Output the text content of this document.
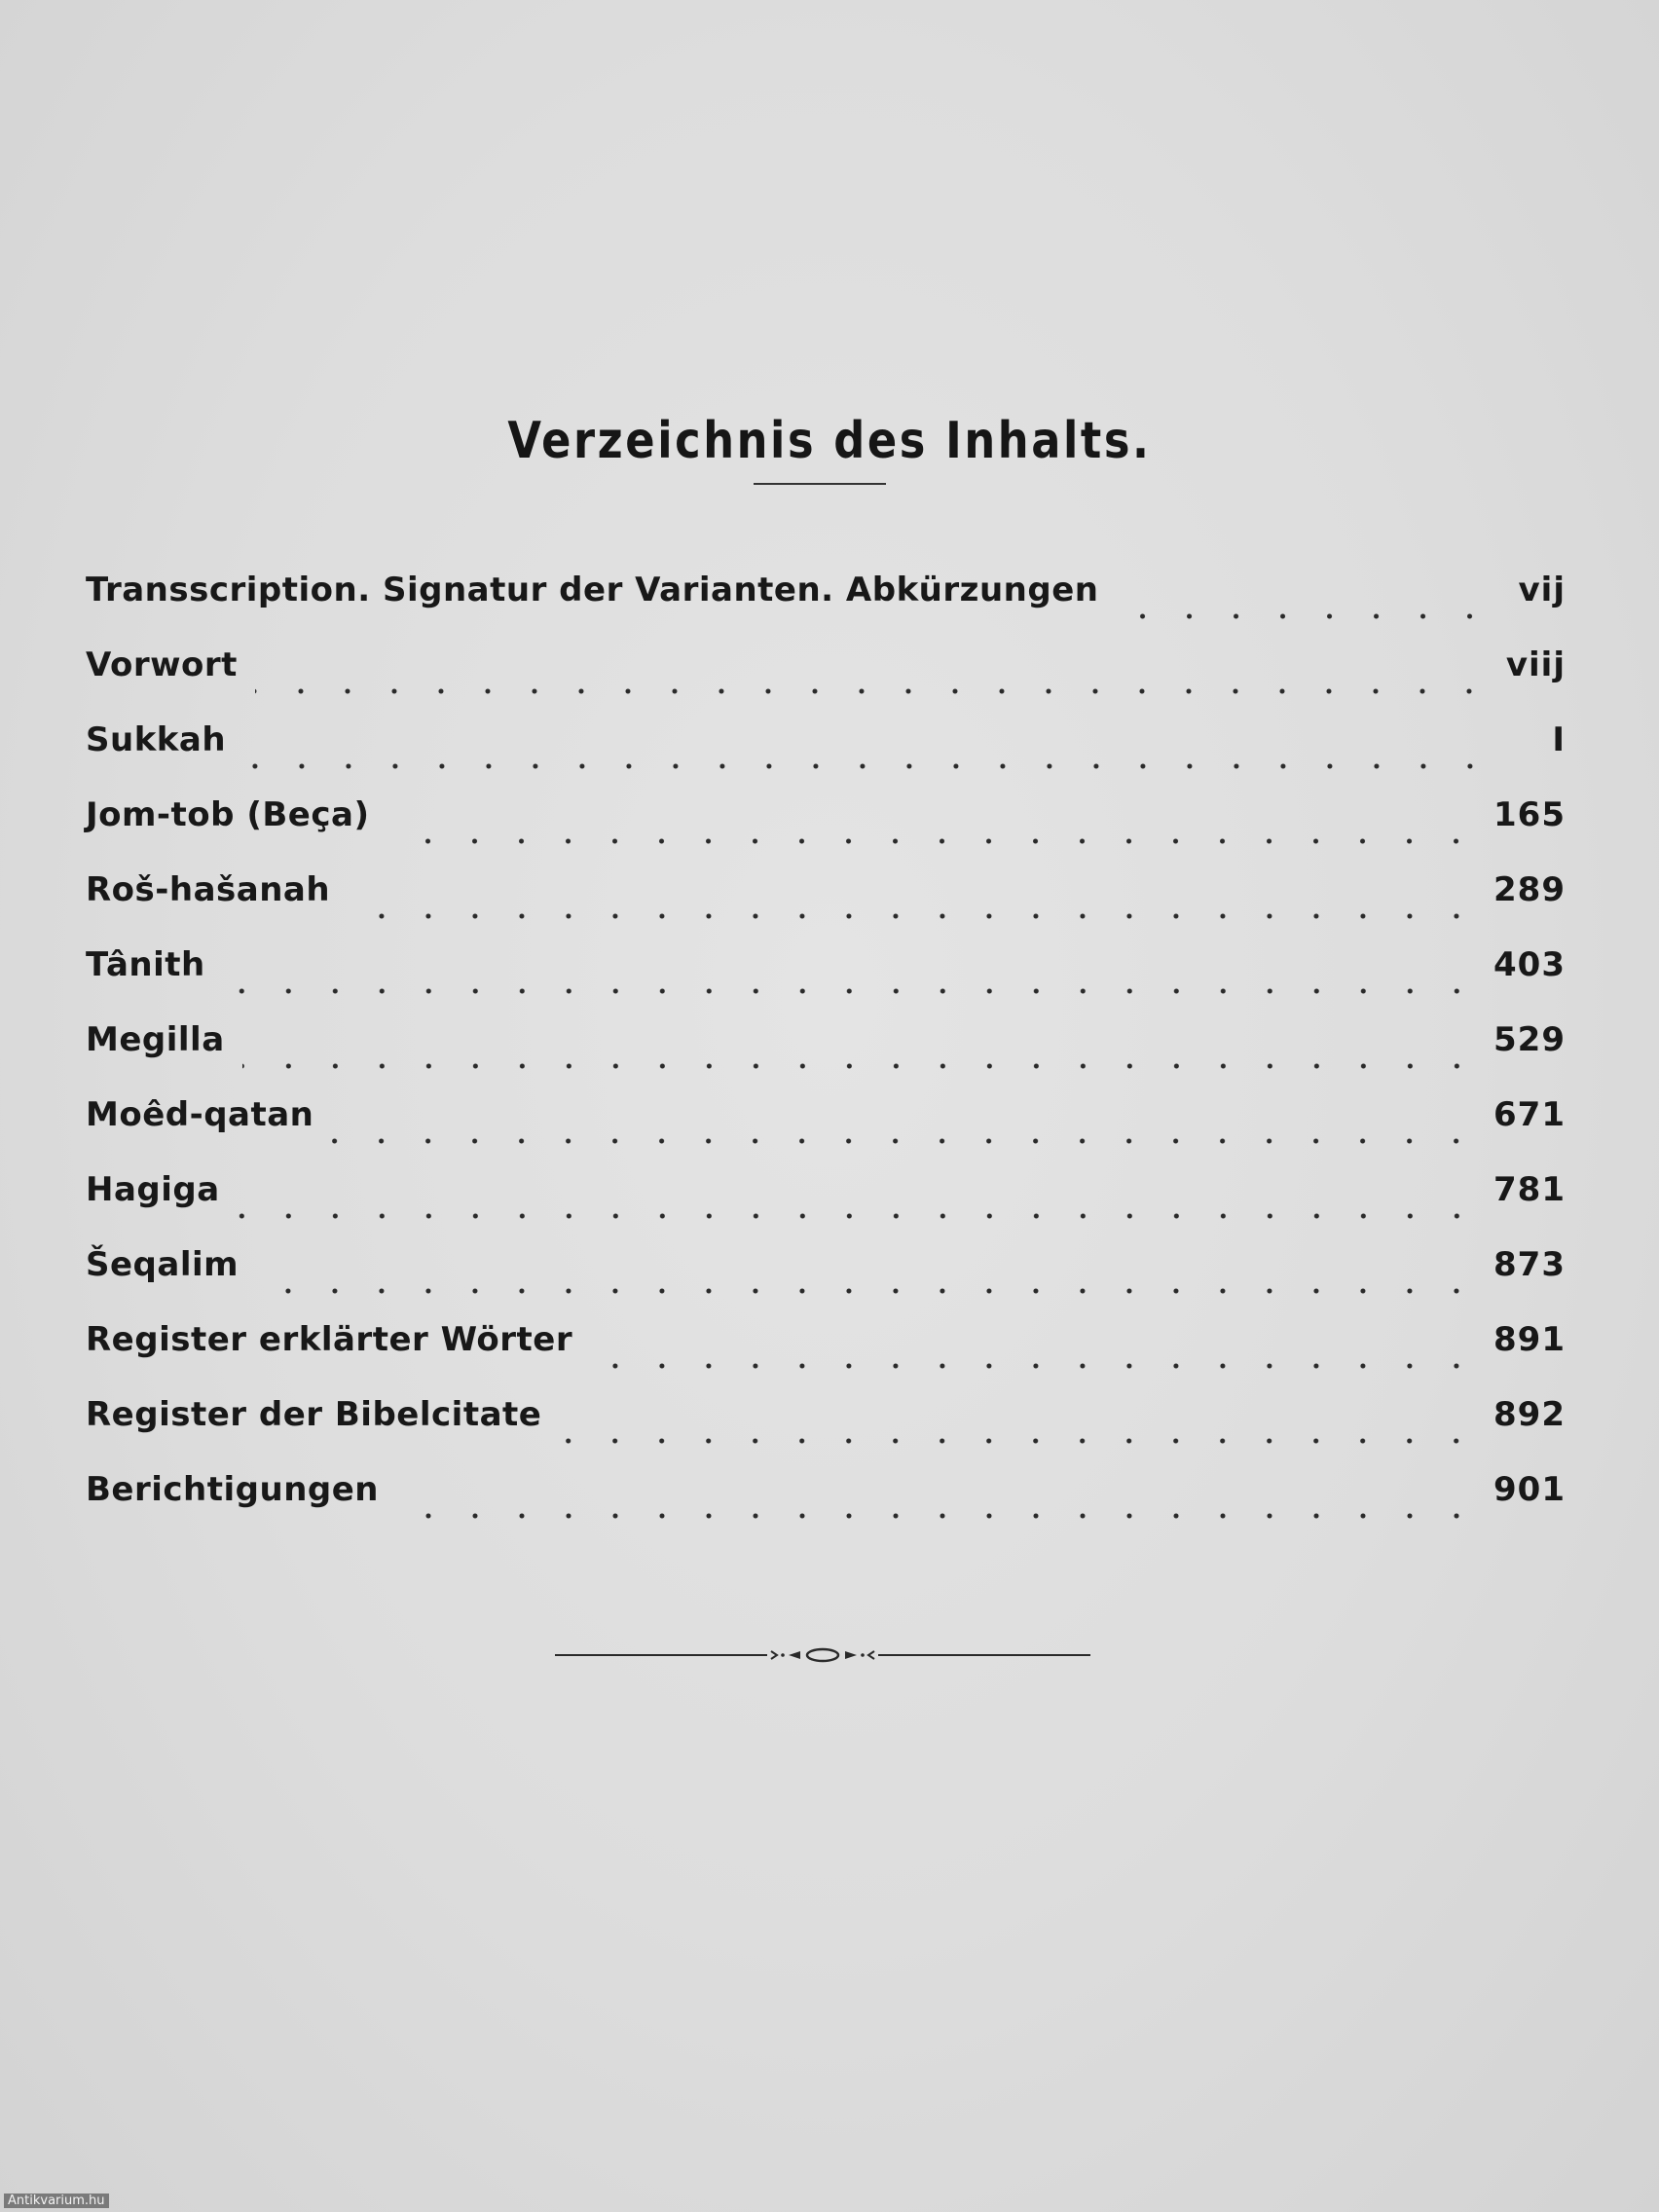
Verzeichnis des Inhalts.
Transscription. Signatur der Varianten. Abkürzungen	vij
Vorwort	viij
Sukkah	I
Jom-tob (Beça)	165
Roš-hašanah	289
Tânith	403
Megilla	529
Moêd-qatan	671
Hagiga	781
Šeqalim	873
Register erklärter Wörter	891
Register der Bibelcitate	892
Berichtigungen	901
Antikvarium.hu
